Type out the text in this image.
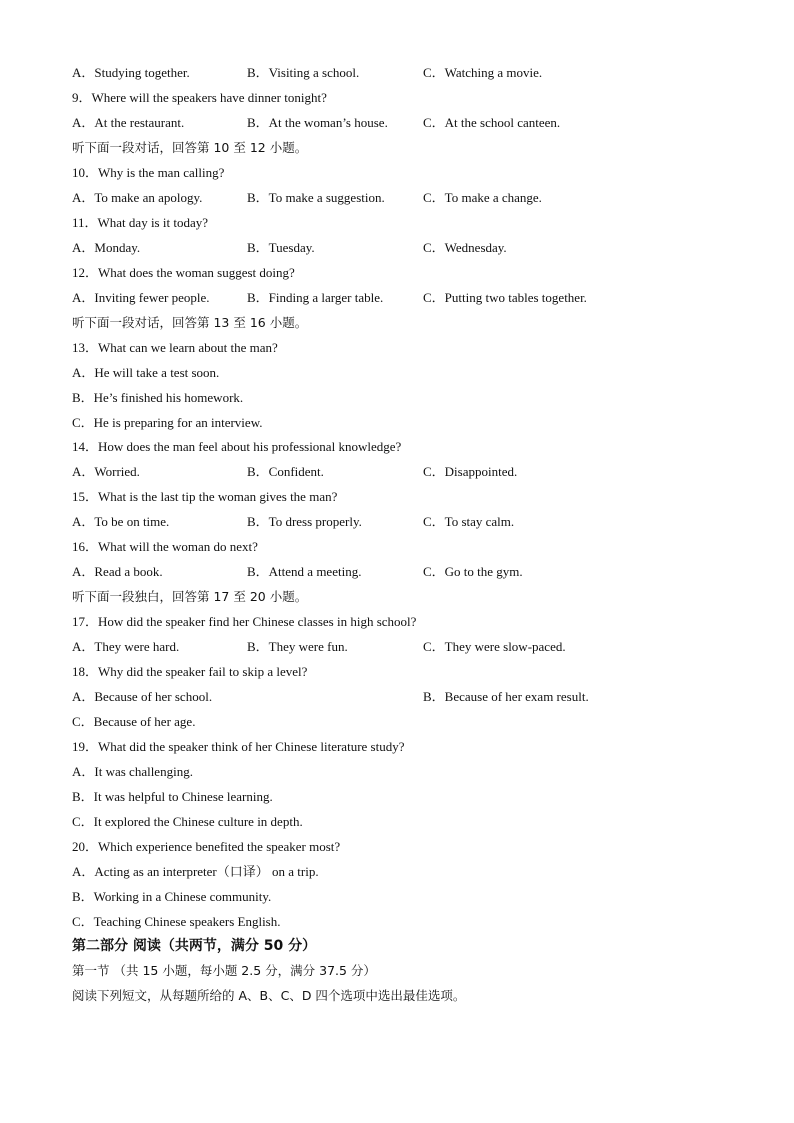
A．Studying together.	B．Visiting a school.	C．Watching a movie.
9．Where will the speakers have dinner tonight?
A．At the restaurant.	B．At the woman’s house.	C．At the school canteen.
听下面一段对话，回答第 10 至 12 小题。
10．Why is the man calling?
A．To make an apology.	B．To make a suggestion.	C．To make a change.
11．What day is it today?
A．Monday.	B．Tuesday.	C．Wednesday.
12．What does the woman suggest doing?
A．Inviting fewer people.	B．Finding a larger table.	C．Putting two tables together.
听下面一段对话，回答第 13 至 16 小题。
13．What can we learn about the man?
A．He will take a test soon.
B．He’s finished his homework.
C．He is preparing for an interview.
14．How does the man feel about his professional knowledge?
A．Worried.	B．Confident.	C．Disappointed.
15．What is the last tip the woman gives the man?
A．To be on time.	B．To dress properly.	C．To stay calm.
16．What will the woman do next?
A．Read a book.	B．Attend a meeting.	C．Go to the gym.
听下面一段独白，回答第 17 至 20 小题。
17．How did the speaker find her Chinese classes in high school?
A．They were hard.	B．They were fun.	C．They were slow-paced.
18．Why did the speaker fail to skip a level?
A．Because of her school.	B．Because of her exam result.
C．Because of her age.
19．What did the speaker think of her Chinese literature study?
A．It was challenging.
B．It was helpful to Chinese learning.
C．It explored the Chinese culture in depth.
20．Which experience benefited the speaker most?
A．Acting as an interpreter（口译） on a trip.
B．Working in a Chinese community.
C．Teaching Chinese speakers English.
第二部分 阅读（共两节，满分 50 分）
第一节 （共 15 小题，每小题 2.5 分，满分 37.5 分）
阅读下列短文，从每题所给的 A、B、C、D 四个选项中选出最佳选项。
